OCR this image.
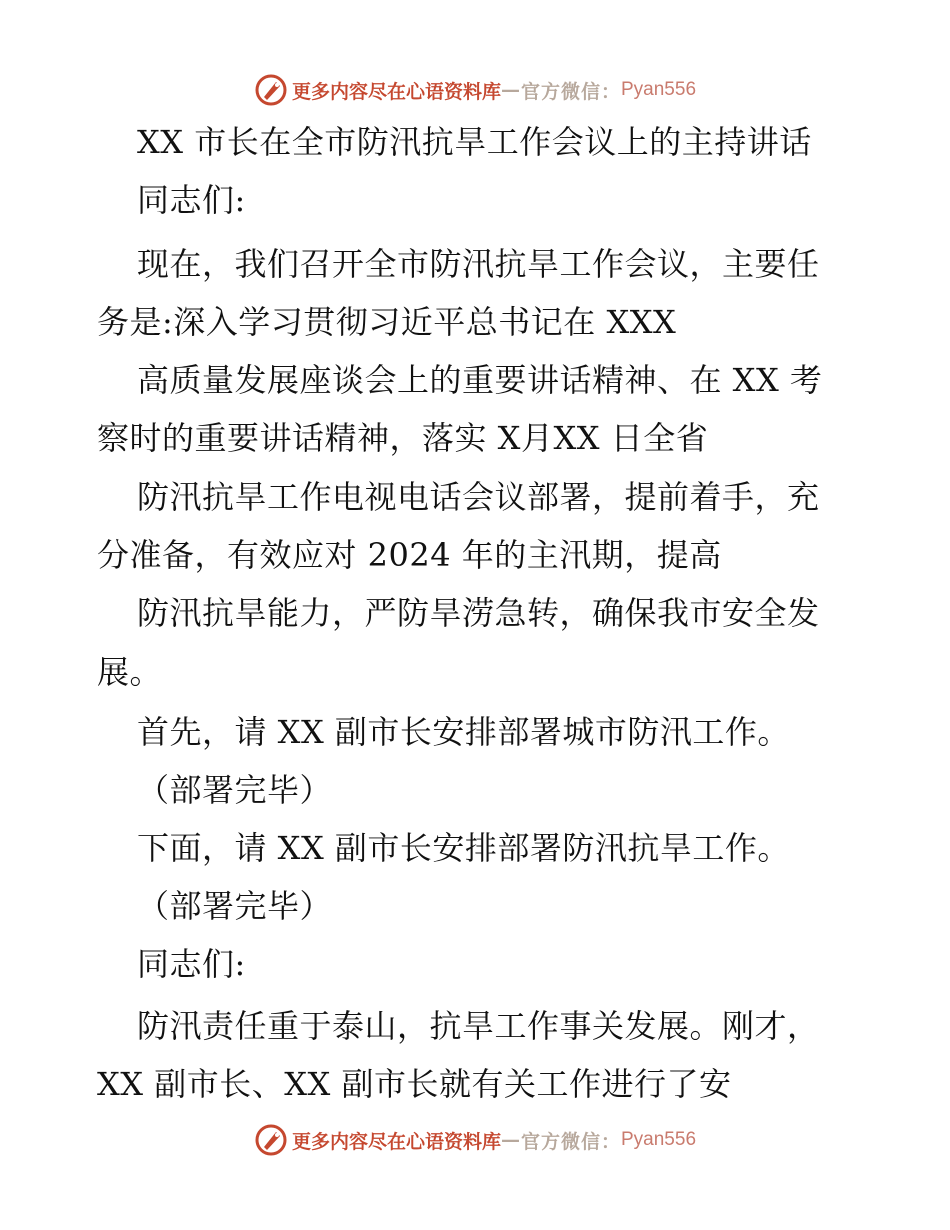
更多内容尽在心语资料库 — 官方微信： Pyan556
XX 市长在全市防汛抗旱工作会议上的主持讲话
同志们:
现在，我们召开全市防汛抗旱工作会议，主要任
务是:深入学习贯彻习近平总书记在 XXX
高质量发展座谈会上的重要讲话精神、在 XX 考
察时的重要讲话精神，落实 X月XX 日全省
防汛抗旱工作电视电话会议部署，提前着手，充
分准备，有效应对 2024 年的主汛期，提高
防汛抗旱能力，严防旱涝急转，确保我市安全发
展。
首先，请 XX 副市长安排部署城市防汛工作。
（部署完毕）
下面，请 XX 副市长安排部署防汛抗旱工作。
（部署完毕）
同志们:
防汛责任重于泰山，抗旱工作事关发展。刚才，
XX 副市长、XX 副市长就有关工作进行了安
更多内容尽在心语资料库 — 官方微信： Pyan556
